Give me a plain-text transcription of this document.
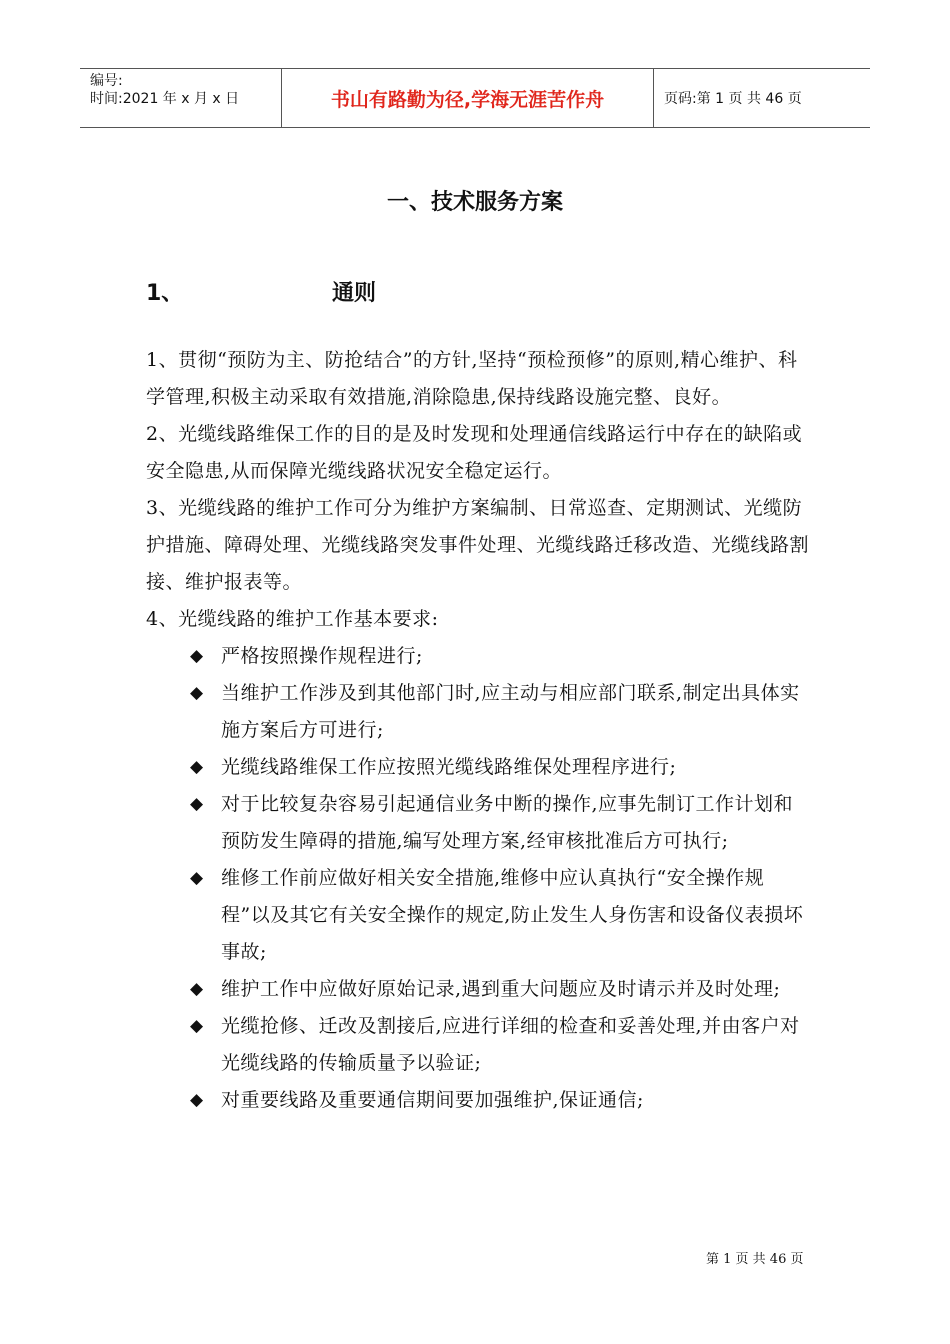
编号:
时间:2021 年 x 月 x 日	书山有路勤为径,学海无涯苦作舟	页码:第 1 页 共 46 页
一、技术服务方案
1、	通则

1、贯彻“预防为主、防抢结合”的方针,坚持“预检预修”的原则,精心维护、科学管理,积极主动采取有效措施,消除隐患,保持线路设施完整、良好。

2、光缆线路维保工作的目的是及时发现和处理通信线路运行中存在的缺陷或安全隐患,从而保障光缆线路状况安全稳定运行。

3、光缆线路的维护工作可分为维护方案编制、日常巡查、定期测试、光缆防护措施、障碍处理、光缆线路突发事件处理、光缆线路迁移改造、光缆线路割接、维护报表等。

4、光缆线路的维护工作基本要求:

◆ 严格按照操作规程进行;
◆ 当维护工作涉及到其他部门时,应主动与相应部门联系,制定出具体实施方案后方可进行;
◆ 光缆线路维保工作应按照光缆线路维保处理程序进行;
◆ 对于比较复杂容易引起通信业务中断的操作,应事先制订工作计划和预防发生障碍的措施,编写处理方案,经审核批准后方可执行;
◆ 维修工作前应做好相关安全措施,维修中应认真执行“安全操作规程”以及其它有关安全操作的规定,防止发生人身伤害和设备仪表损坏事故;
◆ 维护工作中应做好原始记录,遇到重大问题应及时请示并及时处理;
◆ 光缆抢修、迁改及割接后,应进行详细的检查和妥善处理,并由客户对光缆线路的传输质量予以验证;
◆ 对重要线路及重要通信期间要加强维护,保证通信;
第 1 页 共 46 页
